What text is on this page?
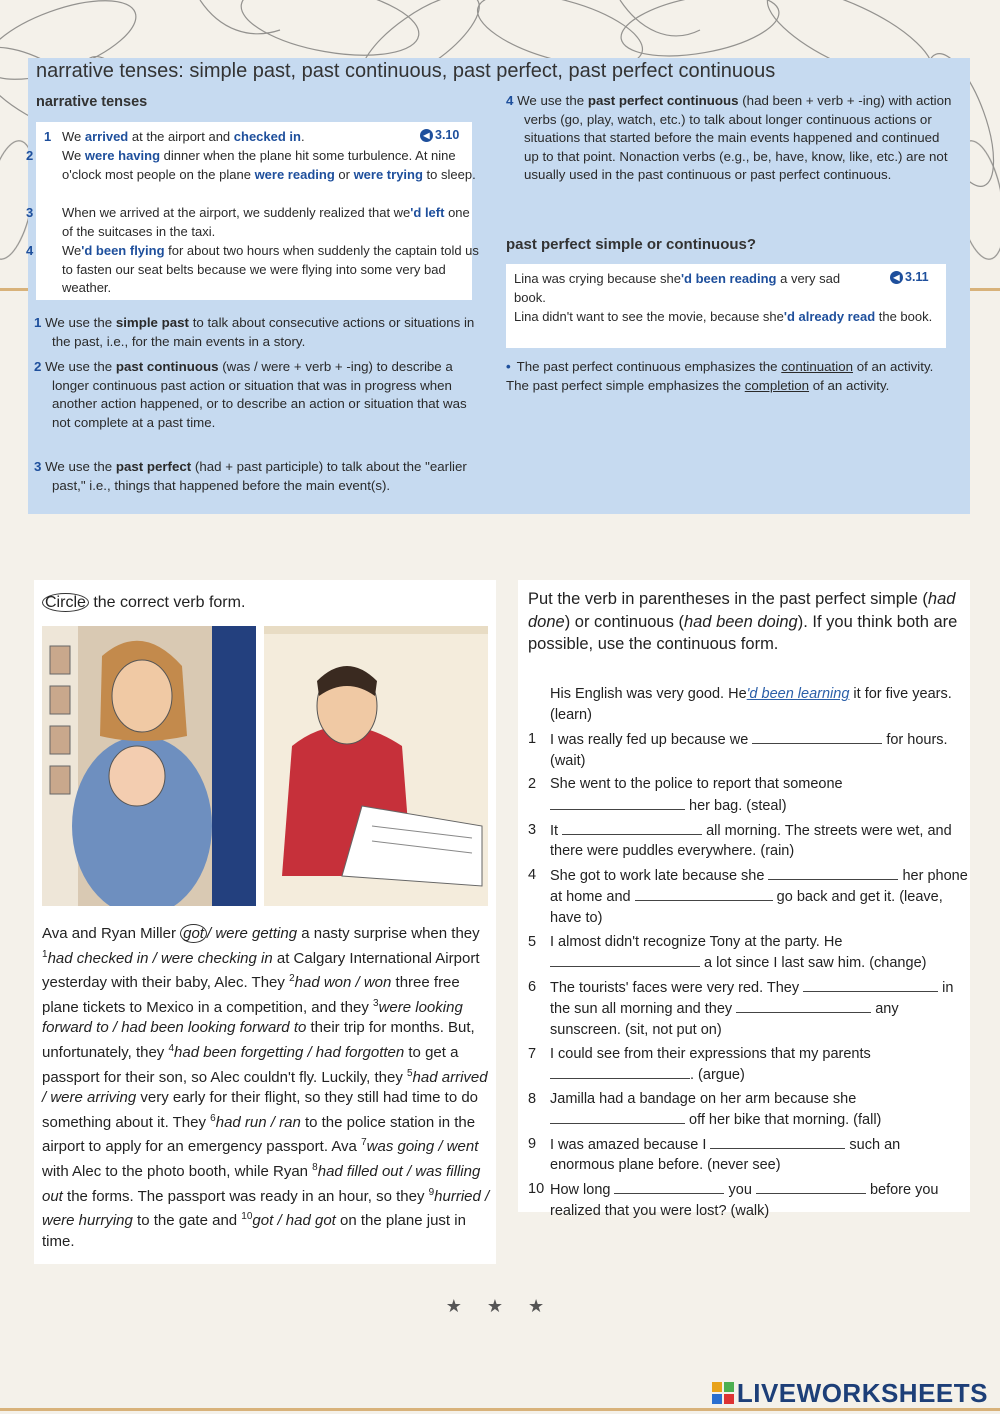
narrative tenses: simple past, past continuous, past perfect, past perfect continuous
narrative tenses
◀ 3.10
1 We arrived at the airport and checked in.
2 We were having dinner when the plane hit some turbulence. At nine o'clock most people on the plane were reading or were trying to sleep.
3 When we arrived at the airport, we suddenly realized that we'd left one of the suitcases in the taxi.
4 We'd been flying for about two hours when suddenly the captain told us to fasten our seat belts because we were flying into some very bad weather.
1 We use the simple past to talk about consecutive actions or situations in the past, i.e., for the main events in a story.
2 We use the past continuous (was / were + verb + -ing) to describe a longer continuous past action or situation that was in progress when another action happened, or to describe an action or situation that was not complete at a past time.
3 We use the past perfect (had + past participle) to talk about the "earlier past," i.e., things that happened before the main event(s).
4 We use the past perfect continuous (had been + verb + -ing) with action verbs (go, play, watch, etc.) to talk about longer continuous actions or situations that started before the main events happened and continued up to that point. Nonaction verbs (e.g., be, have, know, like, etc.) are not usually used in the past continuous or past perfect continuous.
past perfect simple or continuous?
◀ 3.11
Lina was crying because she'd been reading a very sad book.
Lina didn't want to see the movie, because she'd already read the book.
• The past perfect continuous emphasizes the continuation of an activity. The past perfect simple emphasizes the completion of an activity.
Circle the correct verb form.
Ava and Ryan Miller got / were getting a nasty surprise when they $^1$had checked in / were checking in at Calgary International Airport yesterday with their baby, Alec. They $^2$had won / won three free plane tickets to Mexico in a competition, and they $^3$were looking forward to / had been looking forward to their trip for months. But, unfortunately, they $^4$had been forgetting / had forgotten to get a passport for their son, so Alec couldn't fly. Luckily, they $^5$had arrived / were arriving very early for their flight, so they still had time to do something about it. They $^6$had run / ran to the police station in the airport to apply for an emergency passport. Ava $^7$was going / went with Alec to the photo booth, while Ryan $^8$had filled out / was filling out the forms. The passport was ready in an hour, so they $^9$hurried / were hurrying to the gate and $^{10}$got / had got on the plane just in time.
Put the verb in parentheses in the past perfect simple (had done) or continuous (had been doing). If you think both are possible, use the continuous form.
His English was very good. He'd been learning it for five years. (learn)
1 I was really fed up because we	for hours. (wait)
2 She went to the police to report that someone  her bag. (steal)
3 It	all morning. The streets were wet, and there were puddles everywhere. (rain)
4 She got to work late because she	her phone at home and	go back and get it. (leave, have to)
5 I almost didn't recognize Tony at the party. He  a lot since I last saw him. (change)
6 The tourists' faces were very red. They	in the sun all morning and they	any sunscreen. (sit, not put on)
7 I could see from their expressions that my parents . (argue)
8 Jamilla had a bandage on her arm because she  off her bike that morning. (fall)
9 I was amazed because I	such an enormous plane before. (never see)
10 How long	you	before you realized that you were lost? (walk)
★ ★ ★
LIVEWORKSHEETS
